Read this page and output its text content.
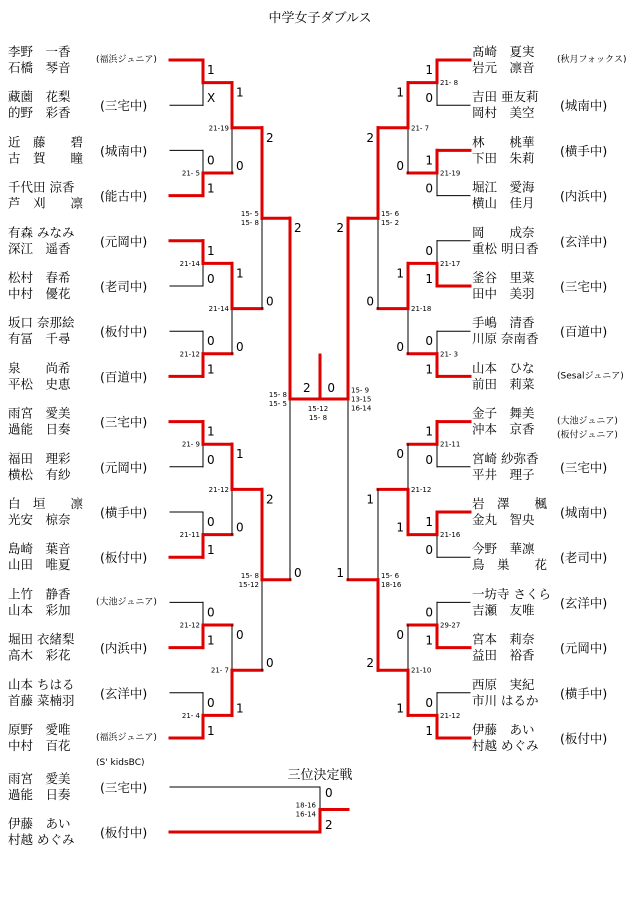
李野　一香
石橋　琴音	(福浜ジュニア)
藏薗　花梨
的野　彩香 (三宅中)
近　藤　　碧
古　賀　　瞳 (城南中)
千代田 涼香
芦　刈　　凛 (能古中)
有森 みなみ
深江　遥香 (元岡中)
松村　春希
中村　優花 (老司中)
坂口 奈那絵
有冨　千尋 (板付中)
泉　　尚希
平松　史恵 (百道中)
雨宮　愛美
過能　日奏 (三宅中)
福田　理彩
横松　有紗 (元岡中)
白　垣　　凛
光安　椋奈 (横手中)
島崎　葉音
山田　唯夏 (板付中)
上竹　静香
山本　彩加	(大池ジュニア)
堀田 衣緒梨
高木　彩花 (内浜中)
山本 ちはる
首藤 菜楠羽 (玄洋中)
原野　愛唯
中村　百花	(福浜ジュニア)
(S' kidsBC)
髙崎　夏実
岩元　凛音 (秋月フォックス)
吉田 亜友莉
岡村　美空 (城南中)
林　　桃華
下田　朱莉 (横手中)
堀江　愛海
横山　佳月 (内浜中)
岡　　成奈
重松 明日香 (玄洋中)
釜谷　里菜
田中　美羽 (三宅中)
手嶋　清香
川原 奈南香 (百道中)
山本　ひな
前田　莉菜 (Sesalジュニア)
金子　舞美
沖本　京香 (大池ジュニア)
(板付ジュニア)
宮崎 紗弥香
平井　理子 (三宅中)
岩　澤　　楓
金丸　智央 (城南中)
今野　華凛
鳥　巣　　花 (老司中)
一坊寺 さくら
吉瀬　友唯 (玄洋中)
宮本　莉奈
益田　裕香 (元岡中)
西原　実紀
市川 はるか (横手中)
伊藤　あい
村越 めぐみ (板付中)
1
X
0
1
21- 5
1
0
21-14
0
1
21-12
1
0
21- 9
0
1
21-11
0
1
21-12
0
1
21- 4
1
0
21-19
1
0
21-14
1
0
21-12
0
1
21- 7
2
0
15- 5
15- 8
2
0
15- 8
15-12
2
0
15- 8
15- 5
1
0
21- 8
1
0
21-19
0
1
21-17
0
1
21- 3
1
0
21-11
1
0
21-16
0
1
29-27
0
1
21-12
1
0
21- 7
1
0
21-18
0
1
21-12
0
1
21-10
2
0
15- 6
15- 2
1
2
15- 6
18-16
2
1
15- 9
13-15
16-14
2 0
15-12
15- 8
雨宮　愛美
過能　日奏 (三宅中)	0
伊藤　あい
村越 めぐみ (板付中)	2
18-16
16-14
中学女子ダブルス
三位決定戦
